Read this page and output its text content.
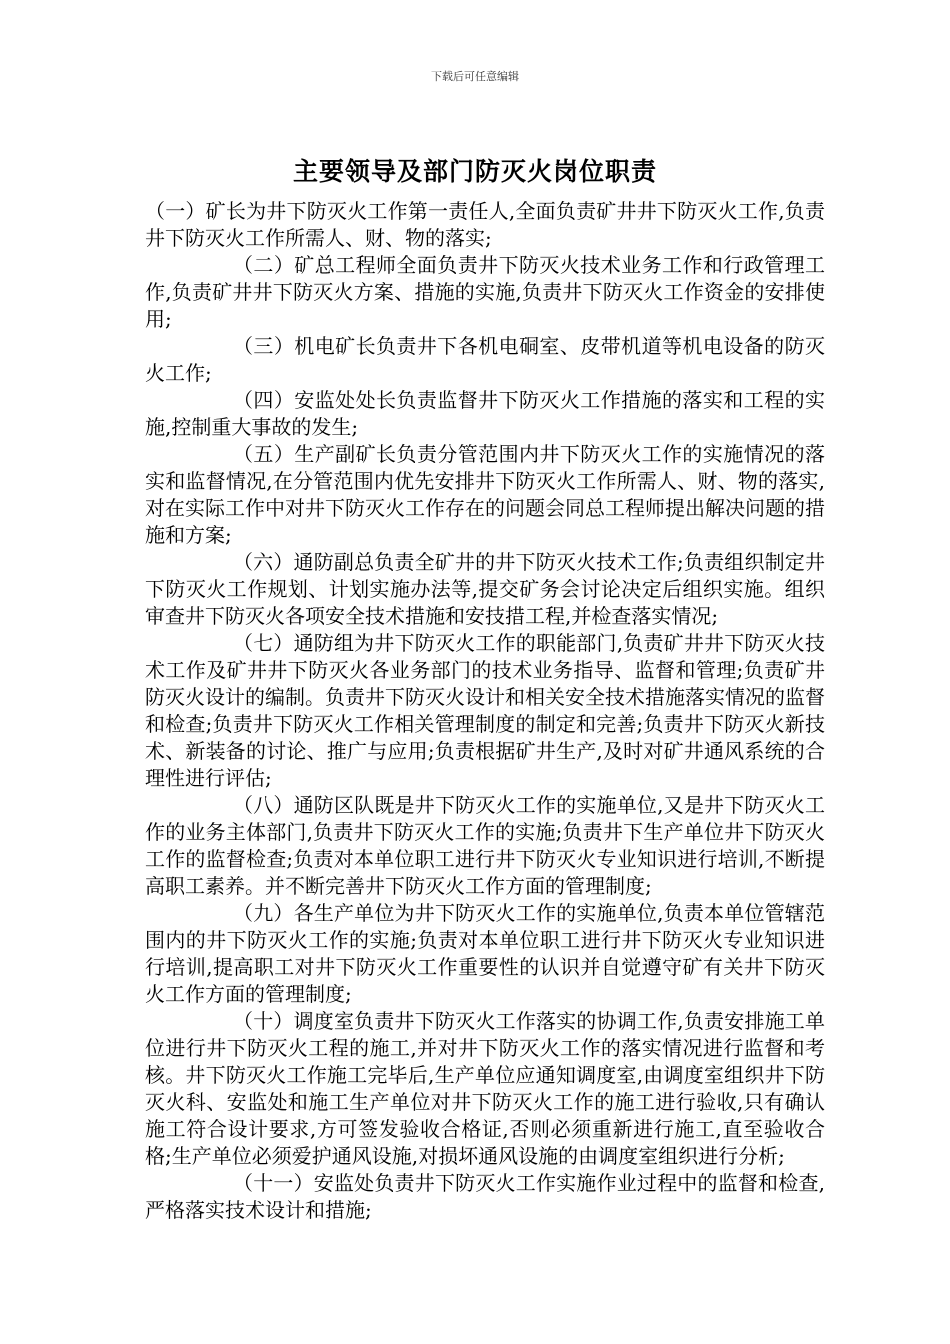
下载后可任意编辑
主要领导及部门防灭火岗位职责

（一）矿长为井下防灭火工作第一责任人,全面负责矿井井下防灭火工作,负责井下防灭火工作所需人、财、物的落实;

（二）矿总工程师全面负责井下防灭火技术业务工作和行政管理工作,负责矿井井下防灭火方案、措施的实施,负责井下防灭火工作资金的安排使用;

（三）机电矿长负责井下各机电硐室、皮带机道等机电设备的防灭火工作;

（四）安监处处长负责监督井下防灭火工作措施的落实和工程的实施,控制重大事故的发生;

（五）生产副矿长负责分管范围内井下防灭火工作的实施情况的落实和监督情况,在分管范围内优先安排井下防灭火工作所需人、财、物的落实,对在实际工作中对井下防灭火工作存在的问题会同总工程师提出解决问题的措施和方案;

（六）通防副总负责全矿井的井下防灭火技术工作;负责组织制定井下防灭火工作规划、计划实施办法等,提交矿务会讨论决定后组织实施。组织审查井下防灭火各项安全技术措施和安技措工程,并检查落实情况;

（七）通防组为井下防灭火工作的职能部门,负责矿井井下防灭火技术工作及矿井井下防灭火各业务部门的技术业务指导、监督和管理;负责矿井防灭火设计的编制。负责井下防灭火设计和相关安全技术措施落实情况的监督和检查;负责井下防灭火工作相关管理制度的制定和完善;负责井下防灭火新技术、新装备的讨论、推广与应用;负责根据矿井生产,及时对矿井通风系统的合理性进行评估;

（八）通防区队既是井下防灭火工作的实施单位,又是井下防灭火工作的业务主体部门,负责井下防灭火工作的实施;负责井下生产单位井下防灭火工作的监督检查;负责对本单位职工进行井下防灭火专业知识进行培训,不断提高职工素养。并不断完善井下防灭火工作方面的管理制度;

（九）各生产单位为井下防灭火工作的实施单位,负责本单位管辖范围内的井下防灭火工作的实施;负责对本单位职工进行井下防灭火专业知识进行培训,提高职工对井下防灭火工作重要性的认识并自觉遵守矿有关井下防灭火工作方面的管理制度;

（十）调度室负责井下防灭火工作落实的协调工作,负责安排施工单位进行井下防灭火工程的施工,并对井下防灭火工作的落实情况进行监督和考核。井下防灭火工作施工完毕后,生产单位应通知调度室,由调度室组织井下防灭火科、安监处和施工生产单位对井下防灭火工作的施工进行验收,只有确认施工符合设计要求,方可签发验收合格证,否则必须重新进行施工,直至验收合格;生产单位必须爱护通风设施,对损坏通风设施的由调度室组织进行分析;

（十一）安监处负责井下防灭火工作实施作业过程中的监督和检查,严格落实技术设计和措施;
